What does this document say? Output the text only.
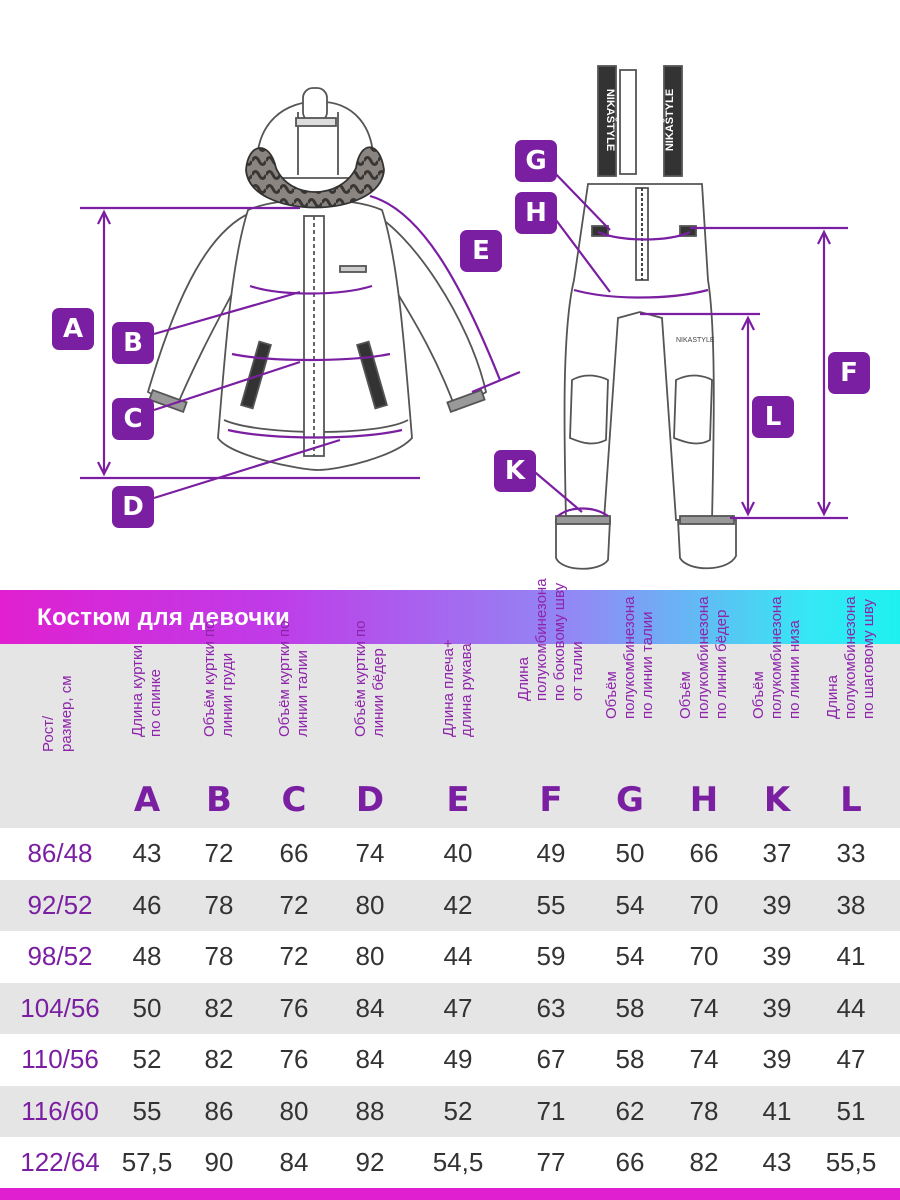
NIKAŠTYLE	NIKAŠTYLE
NIKASTYLE
A	B
C
D
E
F
G
H
K
L
Костюм для девочки
Рост/ размер, см	Длина куртки по спинке
A
Объём куртки по линии груди
B
Объём куртки по линии талии
C
Объём куртки по линии бёдер
D
Длина плеча+ длина рукава
E
Длина полукомбинезона по боковому шву от талии
F
Объём полукомбинезона по линии талии
G
Объём полукомбинезона по линии бёдер
H
Объём полукомбинезона по линии низа
K
Длина полукомбинезона по шаговому шву
L
86/48	43	72	66	74	40	49	50	66	37	33
92/52	46	78	72	80	42	55	54	70	39	38
98/52	48	78	72	80	44	59	54	70	39	41
104/56	50	82	76	84	47	63	58	74	39	44
110/56	52	82	76	84	49	67	58	74	39	47
116/60	55	86	80	88	52	71	62	78	41	51
122/64 57,5	90	84	92	54,5	77	66	82	43	55,5
